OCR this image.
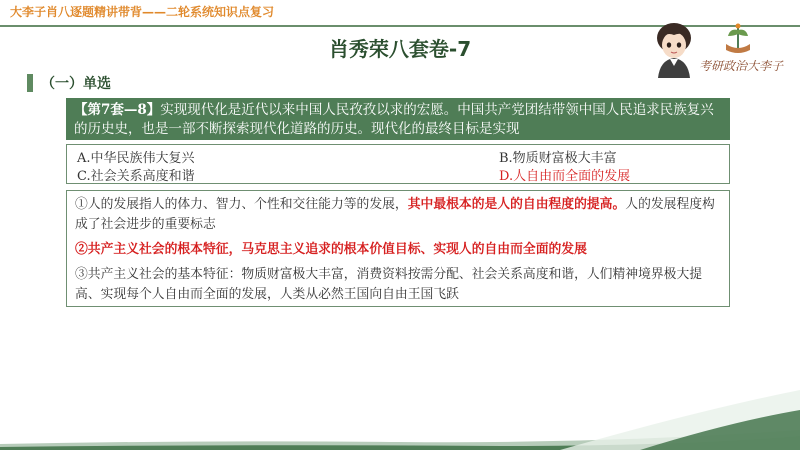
大李子肖八逐题精讲带背——二轮系统知识点复习
肖秀荣八套卷-7
考研政治大李子
（一）单选
【第7套—8】实现现代化是近代以来中国人民孜孜以求的宏愿。中国共产党团结带领中国人民追求民族复兴的历史史，也是一部不断探索现代化道路的历史。现代化的最终目标是实现
A.中华民族伟大复兴	B.物质财富极大丰富
C.社会关系高度和谐	D.人自由而全面的发展

①人的发展指人的体力、智力、个性和交往能力等的发展，其中最根本的是人的自由程度的提高。人的发展程度构成了社会进步的重要标志

②共产主义社会的根本特征，马克思主义追求的根本价值目标、实现人的自由而全面的发展

③共产主义社会的基本特征：物质财富极大丰富，消费资料按需分配、社会关系高度和谐，人们精神境界极大提高、实现每个人自由而全面的发展，人类从必然王国向自由王国飞跃
